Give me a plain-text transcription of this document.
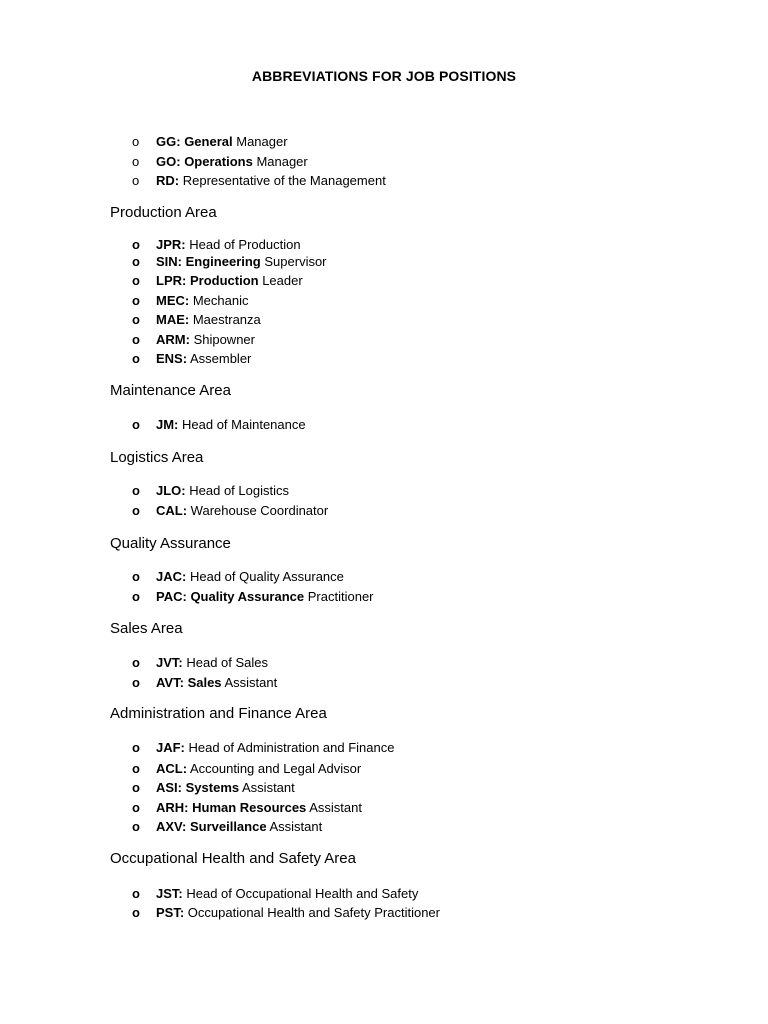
ABBREVIATIONS FOR JOB POSITIONS
o	GG: General Manager
o	GO: Operations Manager
o	RD: Representative of the Management
Production Area
o	JPR: Head of Production
o	SIN: Engineering Supervisor
o	LPR: Production Leader
o	MEC: Mechanic
o	MAE: Maestranza
o	ARM: Shipowner
o	ENS: Assembler
Maintenance Area
o	JM: Head of Maintenance
Logistics Area
o	JLO: Head of Logistics
o	CAL: Warehouse Coordinator
Quality Assurance
o	JAC: Head of Quality Assurance
o	PAC: Quality Assurance Practitioner
Sales Area
o	JVT: Head of Sales
o	AVT: Sales Assistant
Administration and Finance Area
o	JAF: Head of Administration and Finance
o	ACL: Accounting and Legal Advisor
o	ASI: Systems Assistant
o	ARH: Human Resources Assistant
o	AXV: Surveillance Assistant
Occupational Health and Safety Area
o	JST: Head of Occupational Health and Safety
o	PST: Occupational Health and Safety Practitioner
